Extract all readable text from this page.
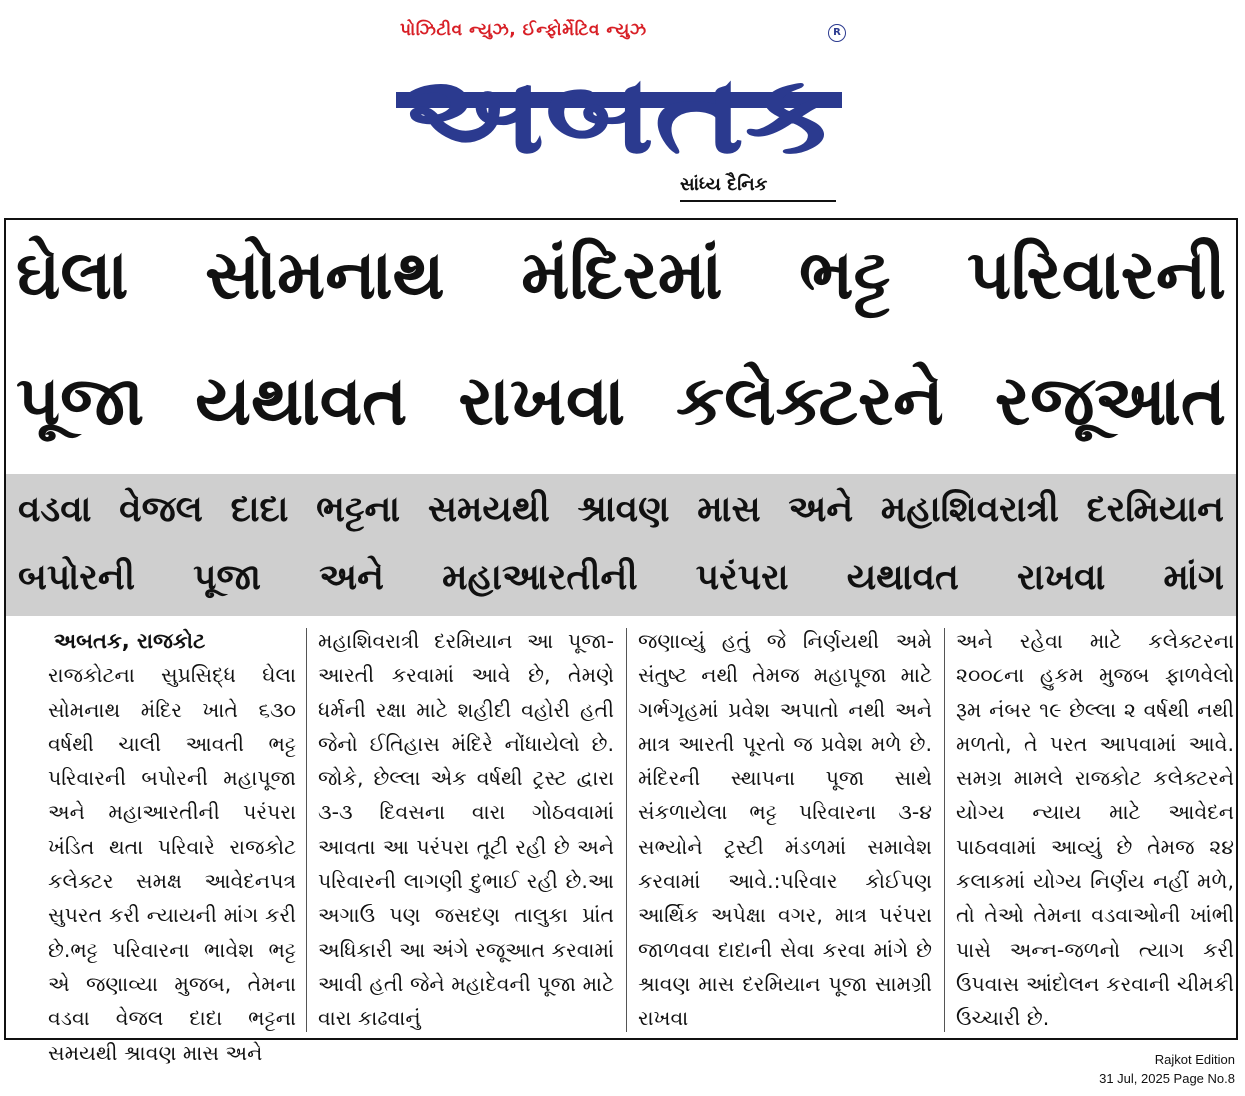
પોઝિટીવ ન્યુઝ, ઈન્ફોર્મેટિવ ન્યુઝ	R
અબતક
સાંધ્ય દૈનિક
ઘેલા સોમનાથ મંદિરમાં ભટ્ટ પરિવારની
પૂજા યથાવત રાખવા કલેક્ટરને રજૂઆત
વડવા વેજલ દાદા ભટ્ટના સમયથી શ્રાવણ માસ અને મહાશિવરાત્રી દરમિયાન
બપોરની પૂજા અને મહાઆરતીની પરંપરા યથાવત રાખવા માંગ
અબતક, રાજકોટ

રાજકોટના સુપ્રસિદ્ધ ઘેલા સોમનાથ મંદિર ખાતે ૬૩૦ વર્ષથી ચાલી આવતી ભટ્ટ પરિવારની બપોરની મહાપૂજા અને મહાઆરતીની પરંપરા ખંડિત થતા પરિવારે રાજકોટ કલેક્ટર સમક્ષ આવેદનપત્ર સુપરત કરી ન્યાયની માંગ કરી છે.ભટ્ટ પરિવારના ભાવેશ ભટ્ટ એ જણાવ્યા મુજબ, તેમના વડવા વેજલ દાદા ભટ્ટના સમયથી શ્રાવણ માસ અને

મહાશિવરાત્રી દરમિયાન આ પૂજા-આરતી કરવામાં આવે છે, તેમણે ધર્મની રક્ષા માટે શહીદી વહોરી હતી જેનો ઈતિહાસ મંદિરે નોંધાયેલો છે. જોકે, છેલ્લા એક વર્ષથી ટ્રસ્ટ દ્વારા ૩-૩ દિવસના વારા ગોઠવવામાં આવતા આ પરંપરા તૂટી રહી છે અને પરિવારની લાગણી દુભાઈ રહી છે.આ અગાઉ પણ જસદણ તાલુકા પ્રાંત અધિકારી આ અંગે રજૂઆત કરવામાં આવી હતી જેને મહાદેવની પૂજા માટે વારા કાઢવાનું

જણાવ્યું હતું જે નિર્ણયથી અમે સંતુષ્ટ નથી તેમજ મહાપૂજા માટે ગર્ભગૃહમાં પ્રવેશ અપાતો નથી અને માત્ર આરતી પૂરતો જ પ્રવેશ મળે છે. મંદિરની સ્થાપના પૂજા સાથે સંકળાયેલા ભટ્ટ પરિવારના ૩-૪ સભ્યોને ટ્રસ્ટી મંડળમાં સમાવેશ કરવામાં આવે.:પરિવાર કોઈપણ આર્થિક અપેક્ષા વગર, માત્ર પરંપરા જાળવવા દાદાની સેવા કરવા માંગે છે શ્રાવણ માસ દરમિયાન પૂજા સામગ્રી રાખવા

અને રહેવા માટે કલેક્ટરના ૨૦૦૮ના હુકમ મુજબ ફાળવેલો રૂમ નંબર ૧૯ છેલ્લા ૨ વર્ષથી નથી મળતો, તે પરત આપવામાં આવે. સમગ્ર મામલે રાજકોટ કલેક્ટરને યોગ્ય ન્યાય માટે આવેદન પાઠવવામાં આવ્યું છે તેમજ ૨૪ કલાકમાં યોગ્ય નિર્ણય નહીં મળે, તો તેઓ તેમના વડવાઓની ખાંભી પાસે અન્ન-જળનો ત્યાગ કરી ઉપવાસ આંદોલન કરવાની ચીમકી ઉચ્ચારી છે.

Rajkot Edition
31 Jul, 2025 Page No.8
